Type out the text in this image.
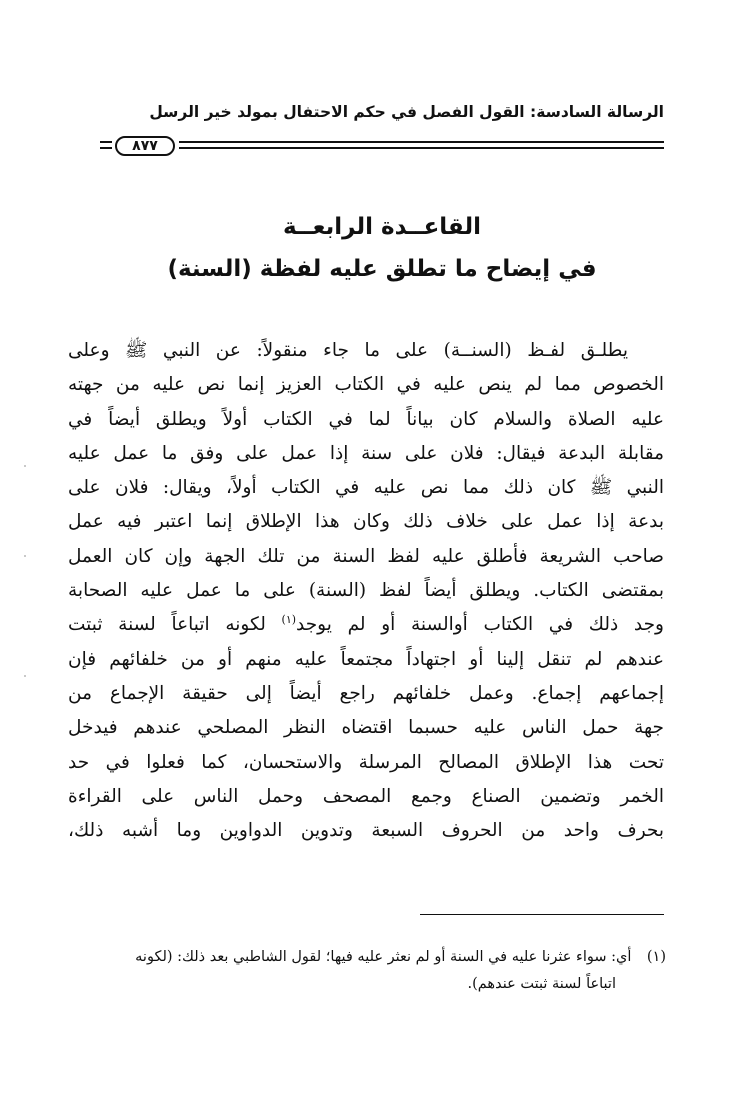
الرسالة السادسة: القول الفصل في حكم الاحتفال بمولد خير الرسل
٨٧٧
القاعــدة الرابعــة
في إيضاح ما تطلق عليه لفظة (السنة)
يطلـق لفـظ (السنــة) على ما جاء منقولاً: عن النبي ﷺ وعلى
الخصوص مما لم ينص عليه في الكتاب العزيز إنما نص عليه من جهته
عليه الصلاة والسلام كان بياناً لما في الكتاب أولاً ويطلق أيضاً في
مقابلة البدعة فيقال: فلان على سنة إذا عمل على وفق ما عمل عليه
النبي ﷺ كان ذلك مما نص عليه في الكتاب أولاً، ويقال: فلان على
بدعة إذا عمل على خلاف ذلك وكان هذا الإطلاق إنما اعتبر فيه عمل
صاحب الشريعة فأطلق عليه لفظ السنة من تلك الجهة وإن كان العمل
بمقتضى الكتاب. ويطلق أيضاً لفظ (السنة) على ما عمل عليه الصحابة
وجد ذلك في الكتاب أوالسنة أو لم يوجد$^{(١)}$ لكونه اتباعاً لسنة ثبتت
عندهم لم تنقل إلينا أو اجتهاداً مجتمعاً عليه منهم أو من خلفائهم فإن
إجماعهم إجماع. وعمل خلفائهم راجع أيضاً إلى حقيقة الإجماع من
جهة حمل الناس عليه حسبما اقتضاه النظر المصلحي عندهم فيدخل
تحت هذا الإطلاق المصالح المرسلة والاستحسان، كما فعلوا في حد
الخمر وتضمين الصناع وجمع المصحف وحمل الناس على القراءة
بحرف واحد من الحروف السبعة وتدوين الدواوين وما أشبه ذلك،
(١) أي: سواء عثرنا عليه في السنة أو لم نعثر عليه فيها؛ لقول الشاطبي بعد ذلك: (لكونه
اتباعاً لسنة ثبتت عندهم).
